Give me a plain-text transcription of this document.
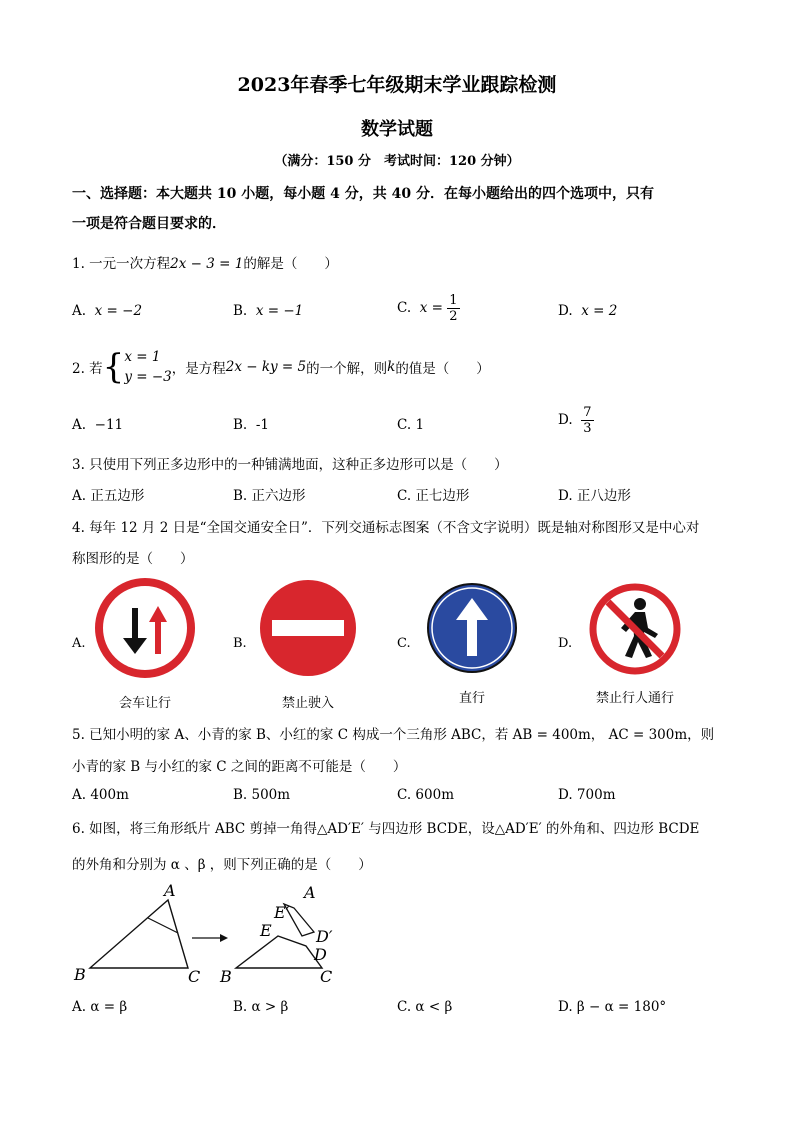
2023年春季七年级期末学业跟踪检测
数学试题
（满分：150 分　考试时间：120 分钟）
一、选择题：本大题共 10 小题，每小题 4 分，共 40 分．在每小题给出的四个选项中，只有
一项是符合题目要求的．
1. 一元一次方程2x − 3 = 1的解是（　　）
A. x = −2	B. x = −1	C. $x = \frac{1}{2}$	D. x = 2
2. 若{ x = 1
y = −3 ，是方程2x − ky = 5的一个解，则k的值是（　　）
A. −11	B. -1	C. 1	D. $\frac{7}{3}$
3. 只使用下列正多边形中的一种铺满地面，这种正多边形可以是（　　）
A. 正五边形	B. 正六边形	C. 正七边形	D. 正八边形
4. 每年 12 月 2 日是“全国交通安全日”．下列交通标志图案（不含文字说明）既是轴对称图形又是中心对
称图形的是（　　）
A.	B.	C.	D.
会车让行	禁止驶入	直行	禁止行人通行
5. 已知小明的家 A、小青的家 B、小红的家 C 构成一个三角形 ABC，若 AB = 400m， AC = 300m，则
小青的家 B 与小红的家 C 之间的距离不可能是（　　）
A. 400m	B. 500m	C. 600m	D. 700m
6. 如图，将三角形纸片 ABC 剪掉一角得△AD′E′ 与四边形 BCDE，设△AD′E′ 的外角和、四边形 BCDE
的外角和分别为 α 、β ，则下列正确的是（　　）
A
B	C
A
E′
D′
E
D
B	C
A. α = β	B. α > β	C. α < β	D. β − α = 180°
